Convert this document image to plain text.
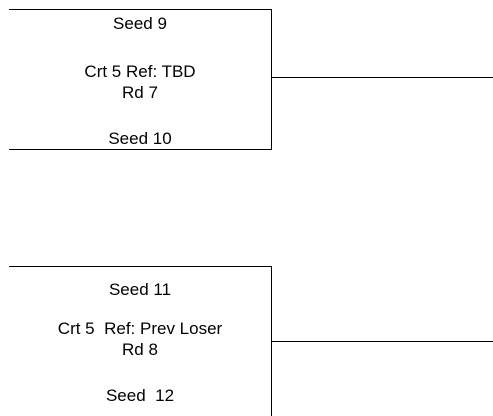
Seed 9
Crt 5 Ref: TBD
Rd 7
Seed 10
Seed 11
Crt 5  Ref: Prev Loser
Rd 8
Seed  12
